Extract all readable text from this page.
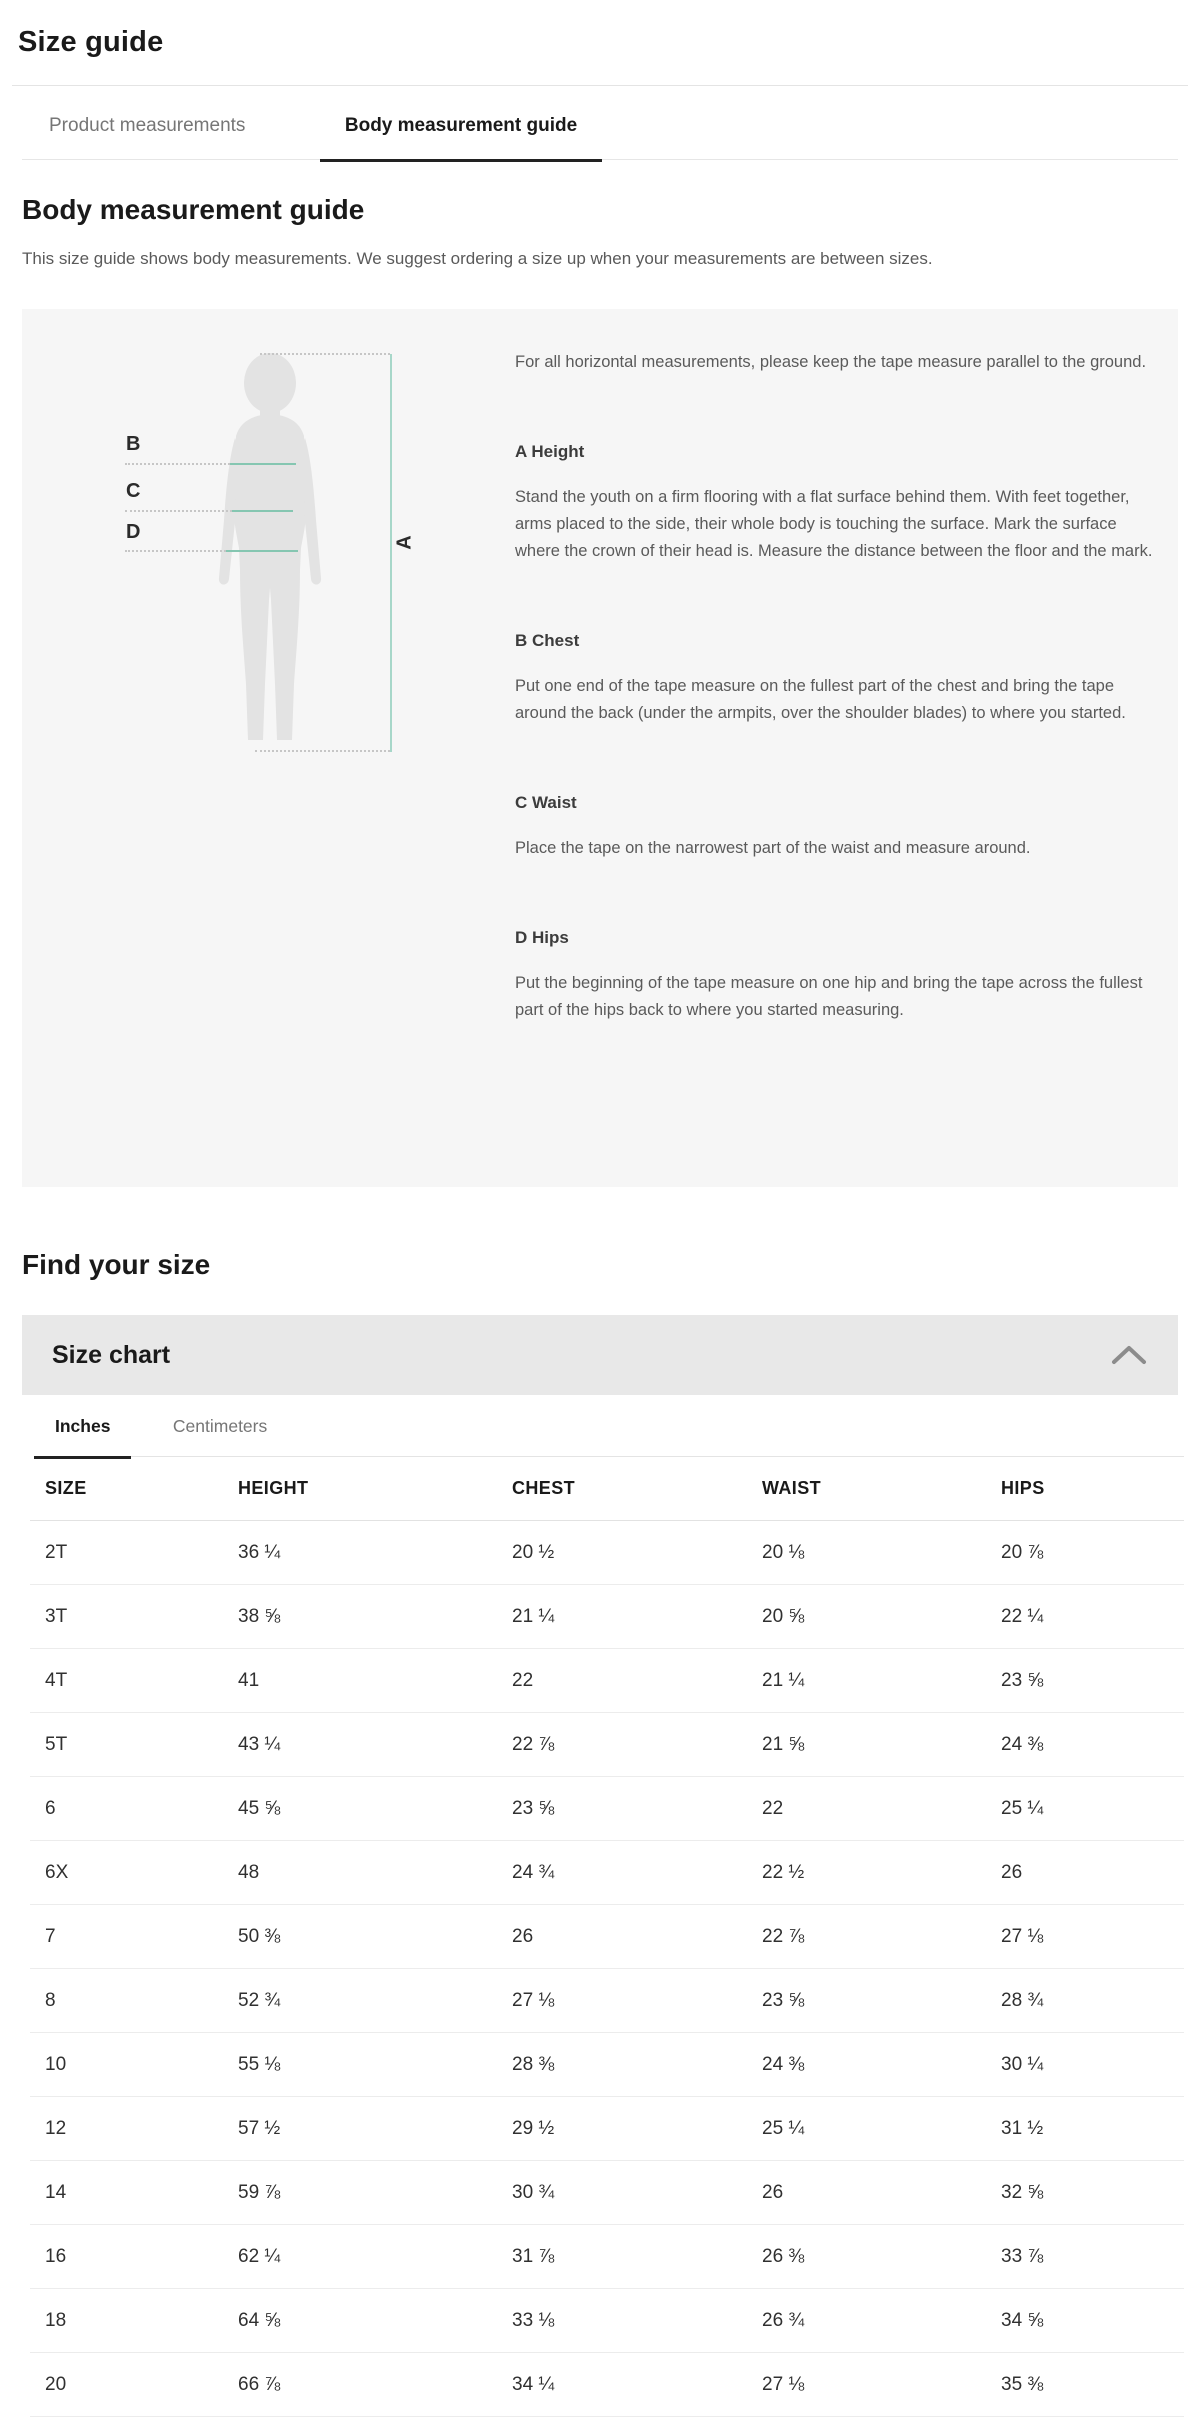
Size guide
Product measurements	Body measurement guide
Body measurement guide

This size guide shows body measurements. We suggest ordering a size up when your measurements are between sizes.

A
B
C
D

For all horizontal measurements, please keep the tape measure parallel to the ground.

A Height

Stand the youth on a firm flooring with a flat surface behind them. With feet together, arms placed to the side, their whole body is touching the surface. Mark the surface where the crown of their head is. Measure the distance between the floor and the mark.

B Chest

Put one end of the tape measure on the fullest part of the chest and bring the tape around the back (under the armpits, over the shoulder blades) to where you started.

C Waist

Place the tape on the narrowest part of the waist and measure around.

D Hips

Put the beginning of the tape measure on one hip and bring the tape across the fullest part of the hips back to where you started measuring.

Find your size
Size chart
Inches	Centimeters
SIZE	HEIGHT	CHEST	WAIST	HIPS
2T	36 ¼	20 ½	20 ⅛	20 ⅞
3T	38 ⅝	21 ¼	20 ⅝	22 ¼
4T	41	22	21 ¼	23 ⅝
5T	43 ¼	22 ⅞	21 ⅝	24 ⅜
6	45 ⅝	23 ⅝	22	25 ¼
6X	48	24 ¾	22 ½	26
7	50 ⅜	26	22 ⅞	27 ⅛
8	52 ¾	27 ⅛	23 ⅝	28 ¾
10	55 ⅛	28 ⅜	24 ⅜	30 ¼
12	57 ½	29 ½	25 ¼	31 ½
14	59 ⅞	30 ¾	26	32 ⅝
16	62 ¼	31 ⅞	26 ⅜	33 ⅞
18	64 ⅝	33 ⅛	26 ¾	34 ⅝
20	66 ⅞	34 ¼	27 ⅛	35 ⅜
